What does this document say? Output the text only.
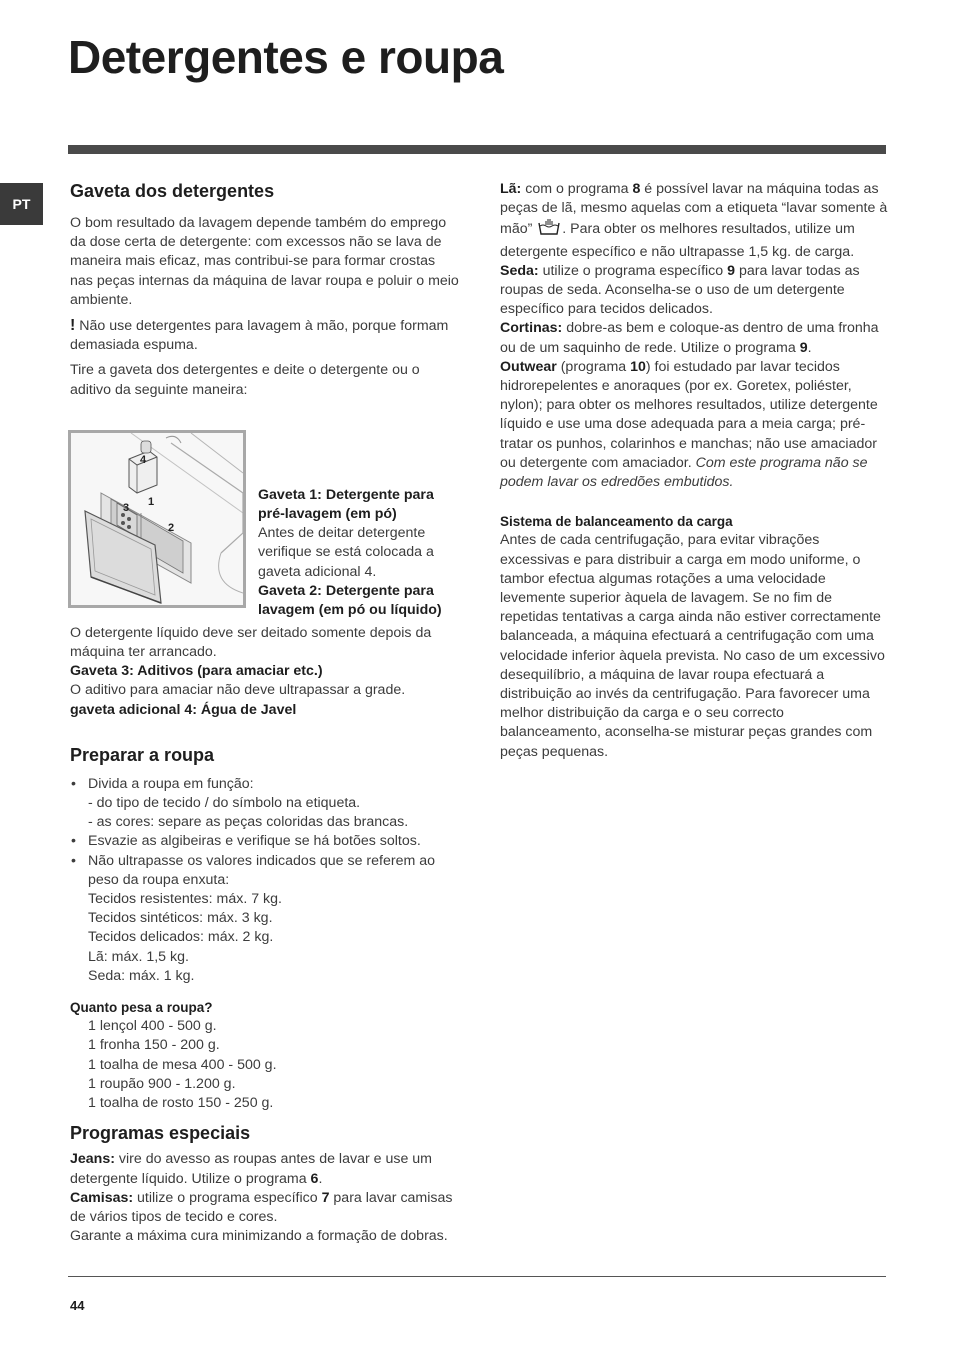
Detergentes e roupa
PT
Gaveta dos detergentes

O bom resultado da lavagem depende também do emprego da dose certa de detergente: com excessos não se lava de maneira mais eficaz, mas contribui-se para formar crostas nas peças internas da máquina de lavar roupa e poluir o meio ambiente.

! Não use detergentes para lavagem à mão, porque formam demasiada espuma.

Tire a gaveta dos detergentes e deite o detergente ou o aditivo da seguinte maneira:

4
3 1
2

Gaveta 1: Detergente para pré-lavagem (em pó)

Antes de deitar detergente verifique se está colocada a gaveta adicional 4.

Gaveta 2: Detergente para lavagem (em pó ou líquido)

O detergente líquido deve ser deitado somente depois da máquina ter arrancado.

Gaveta 3: Aditivos (para amaciar etc.)

O aditivo para amaciar não deve ultrapassar a grade.

gaveta adicional 4: Água de Javel

Preparar a roupa
• Divida a roupa em função:
- do tipo de tecido / do símbolo na etiqueta.
- as cores: separe as peças coloridas das brancas.
• Esvazie as algibeiras e verifique se há botões soltos.
• Não ultrapasse os valores indicados que se referem ao peso da roupa enxuta:
Tecidos resistentes: máx. 7 kg.
Tecidos sintéticos: máx. 3 kg.
Tecidos delicados: máx. 2 kg.
Lã: máx. 1,5 kg.
Seda: máx. 1 kg.

Quanto pesa a roupa?

1 lençol 400 - 500 g.
1 fronha 150 - 200 g.
1 toalha de mesa 400 - 500 g.
1 roupão 900 - 1.200 g.
1 toalha de rosto 150 - 250 g.
Programas especiais

Jeans: vire do avesso as roupas antes de lavar e use um detergente líquido. Utilize o programa 6.

Camisas: utilize o programa específico 7 para lavar camisas de vários tipos de tecido e cores.

Garante a máxima cura minimizando a formação de dobras.

Lã: com o programa 8 é possível lavar na máquina todas as peças de lã, mesmo aquelas com a etiqueta “lavar somente à mão” . Para obter os melhores resultados, utilize um detergente específico e não ultrapasse 1,5 kg. de carga.

Seda: utilize o programa específico 9 para lavar todas as roupas de seda. Aconselha-se o uso de um detergente específico para tecidos delicados.

Cortinas: dobre-as bem e coloque-as dentro de uma fronha ou de um saquinho de rede. Utilize o programa 9.

Outwear (programa 10) foi estudado par lavar tecidos hidrorepelentes e anoraques (por ex. Goretex, poliéster, nylon); para obter os melhores resultados, utilize detergente líquido e use uma dose adequada para a meia carga; pré-tratar os punhos, colarinhos e manchas; não use amaciador ou detergente com amaciador. Com este programa não se podem lavar os edredões embutidos.

Sistema de balanceamento da carga

Antes de cada centrifugação, para evitar vibrações excessivas e para distribuir a carga em modo uniforme, o tambor efectua algumas rotações a uma velocidade levemente superior àquela de lavagem. Se no fim de repetidas tentativas a carga ainda não estiver correctamente balanceada, a máquina efectuará a centrifugação com uma velocidade inferior àquela prevista. No caso de um excessivo desequilíbrio, a máquina de lavar roupa efectuará a distribuição ao invés da centrifugação. Para favorecer uma melhor distribuição da carga e o seu correcto balanceamento, aconselha-se misturar peças grandes com peças pequenas.

44
